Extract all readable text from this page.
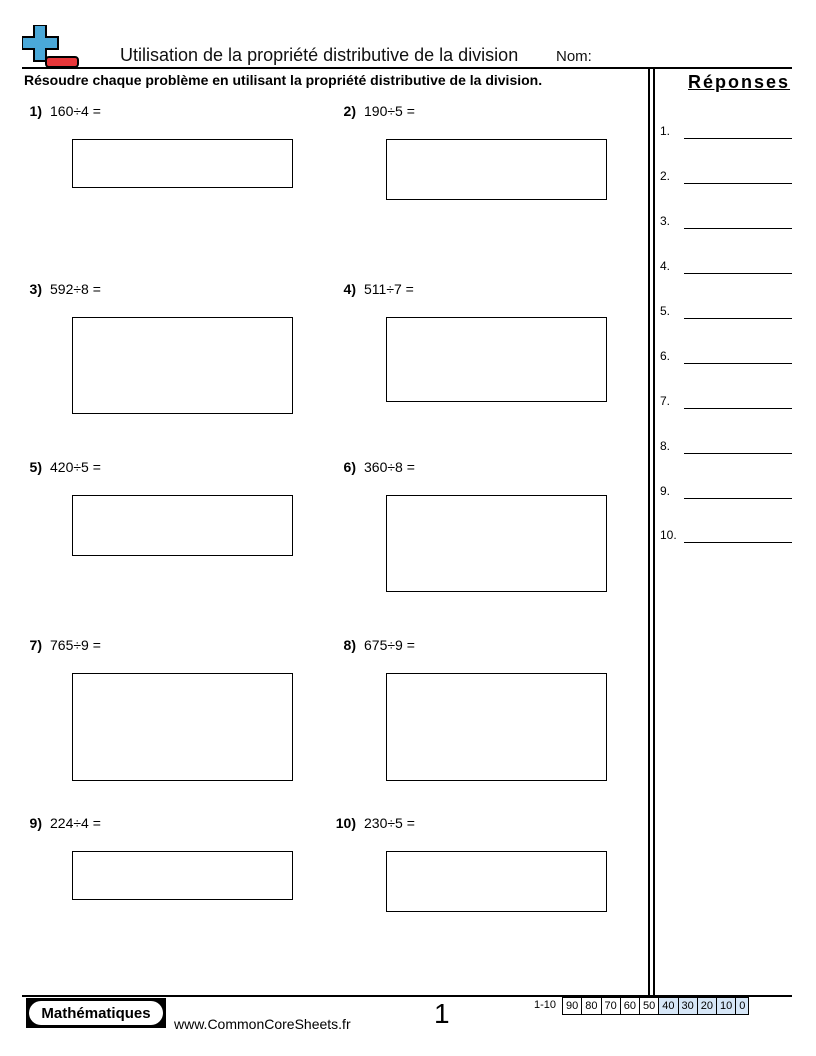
Utilisation de la propriété distributive de la division	Nom:
Résoudre chaque problème en utilisant la propriété distributive de la division.	Réponses
1.
2.
3.
4.
5.
6.
7.
8.
9.
10.
1) 160÷4 =	2) 190÷5 =
3) 592÷8 =	4) 511÷7 =
5) 420÷5 =	6) 360÷8 =
7) 765÷9 =	8) 675÷9 =
9) 224÷4 =	10) 230÷5 =
Mathématiques
www.CommonCoreSheets.fr	1	1-10 90 80 70 60 50 40 30 20 10 0
